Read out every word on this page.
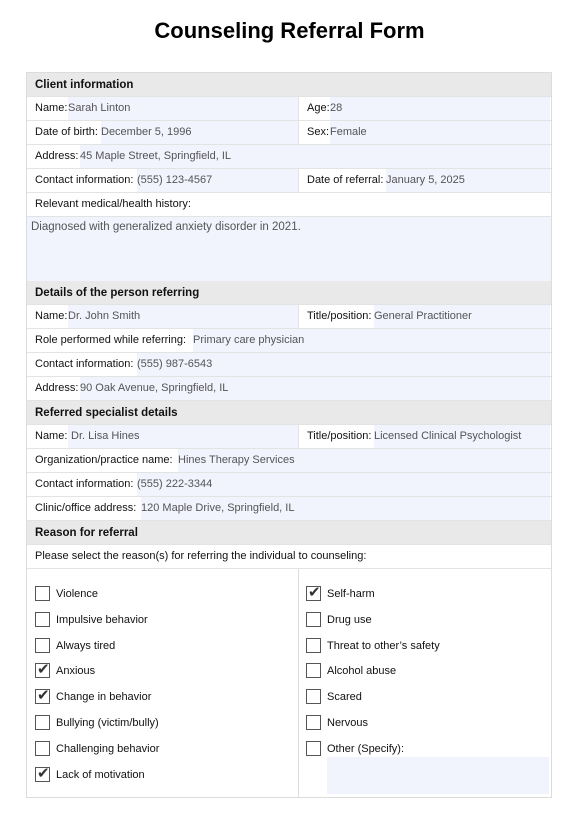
Counseling Referral Form
Client information
Name: Sarah Linton	Age: 28
Date of birth: December 5, 1996	Sex: Female
Address: 45 Maple Street, Springfield, IL
Contact information: (555) 123-4567	Date of referral: January 5, 2025
Relevant medical/health history:
Diagnosed with generalized anxiety disorder in 2021.
Details of the person referring
Name: Dr. John Smith	Title/position: General Practitioner
Role performed while referring: Primary care physician
Contact information: (555) 987-6543
Address: 90 Oak Avenue, Springfield, IL
Referred specialist details
Name: Dr. Lisa Hines	Title/position: Licensed Clinical Psychologist
Organization/practice name: Hines Therapy Services
Contact information: (555) 222-3344
Clinic/office address: 120 Maple Drive, Springfield, IL
Reason for referral
Please select the reason(s) for referring the individual to counseling:
Violence
Impulsive behavior
Always tired
✔ Anxious
✔ Change in behavior
Bullying (victim/bully)
Challenging behavior
✔ Lack of motivation
✔ Self-harm
Drug use
Threat to other’s safety
Alcohol abuse
Scared
Nervous
Other (Specify):
